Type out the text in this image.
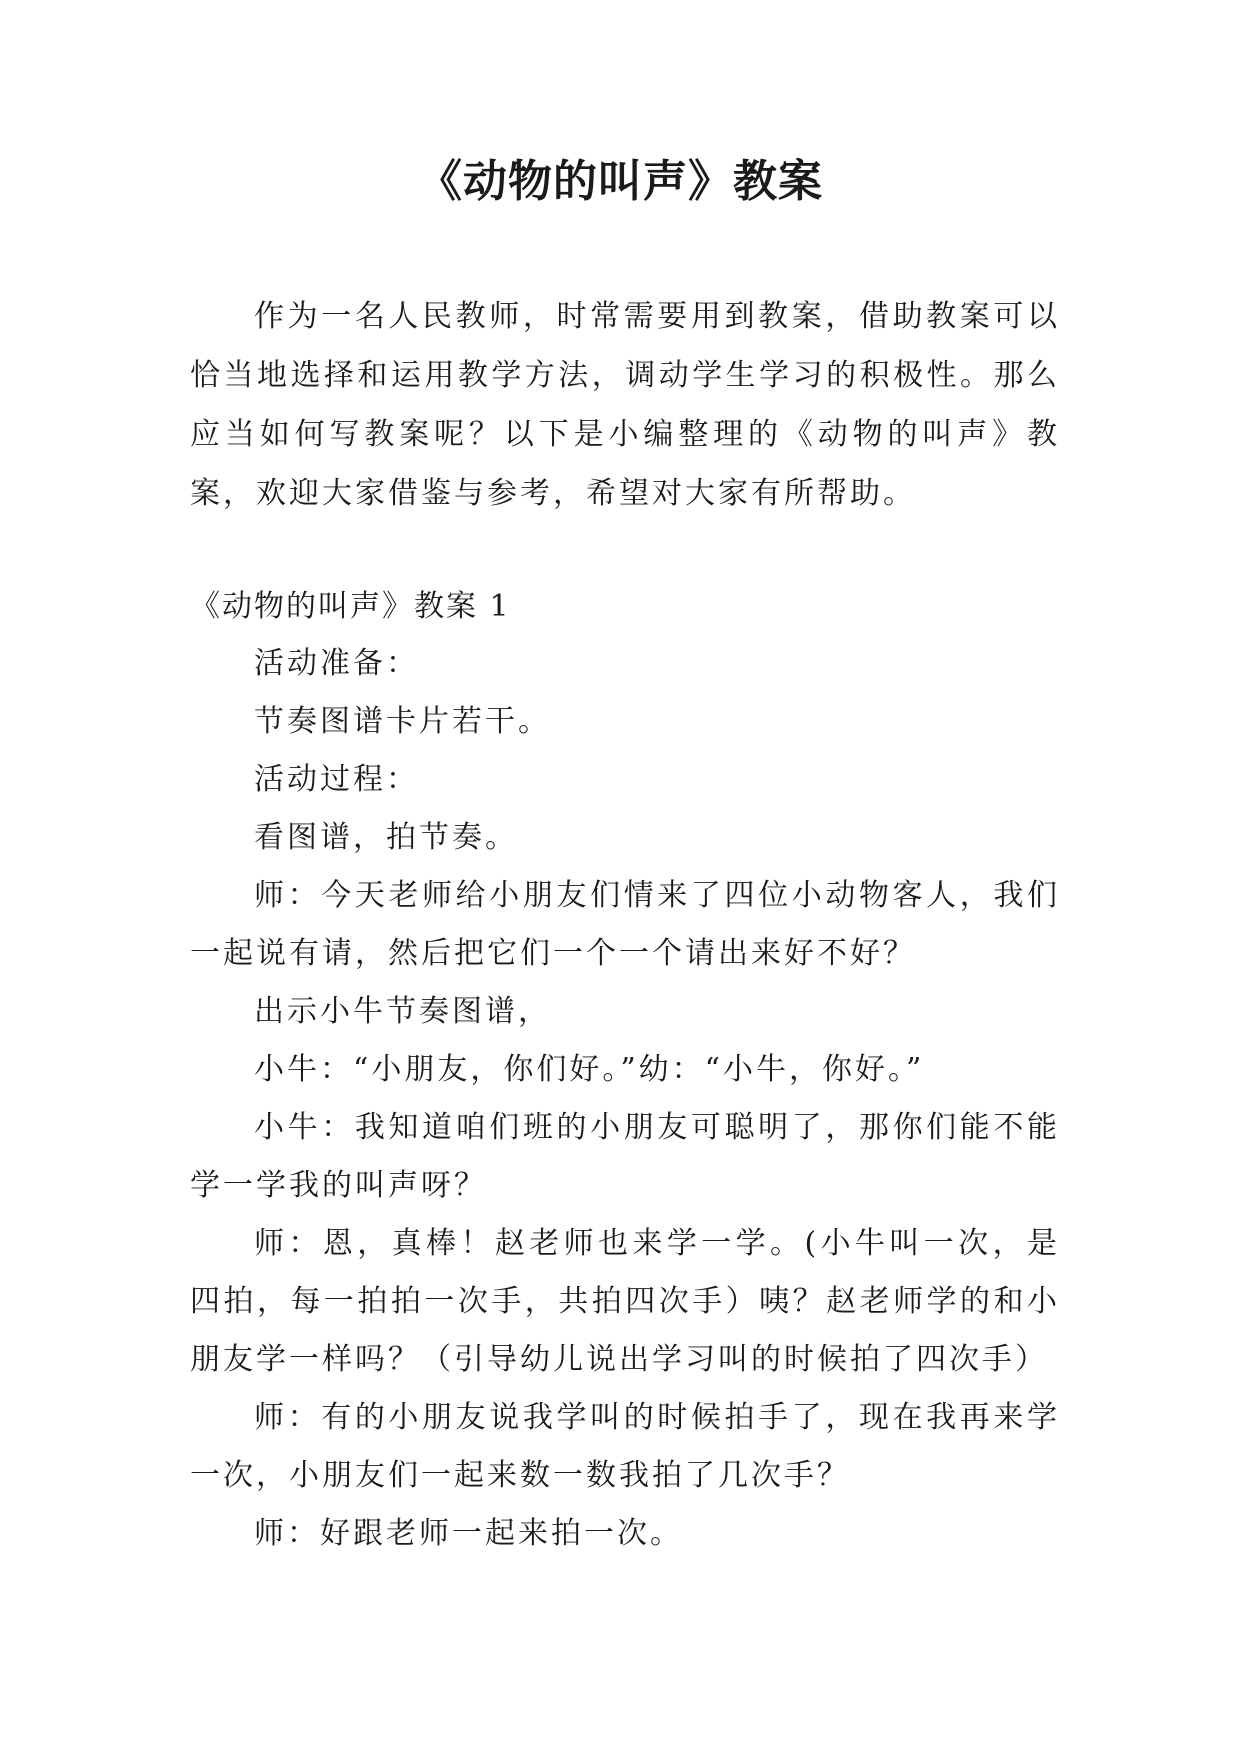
《动物的叫声》教案

作为一名人民教师，时常需要用到教案，借助教案可以恰当地选择和运用教学方法，调动学生学习的积极性。那么应当如何写教案呢？以下是小编整理的《动物的叫声》教案，欢迎大家借鉴与参考，希望对大家有所帮助。

《动物的叫声》教案 1

活动准备：

节奏图谱卡片若干。

活动过程：

看图谱，拍节奏。

师：今天老师给小朋友们情来了四位小动物客人，我们一起说有请，然后把它们一个一个请出来好不好？

出示小牛节奏图谱，

小牛：“小朋友，你们好。”幼：“小牛，你好。”

小牛：我知道咱们班的小朋友可聪明了，那你们能不能学一学我的叫声呀？

师：恩，真棒！赵老师也来学一学。(小牛叫一次，是四拍，每一拍拍一次手，共拍四次手）咦？赵老师学的和小朋友学一样吗？（引导幼儿说出学习叫的时候拍了四次手）

师：有的小朋友说我学叫的时候拍手了，现在我再来学一次，小朋友们一起来数一数我拍了几次手？

师：好跟老师一起来拍一次。
